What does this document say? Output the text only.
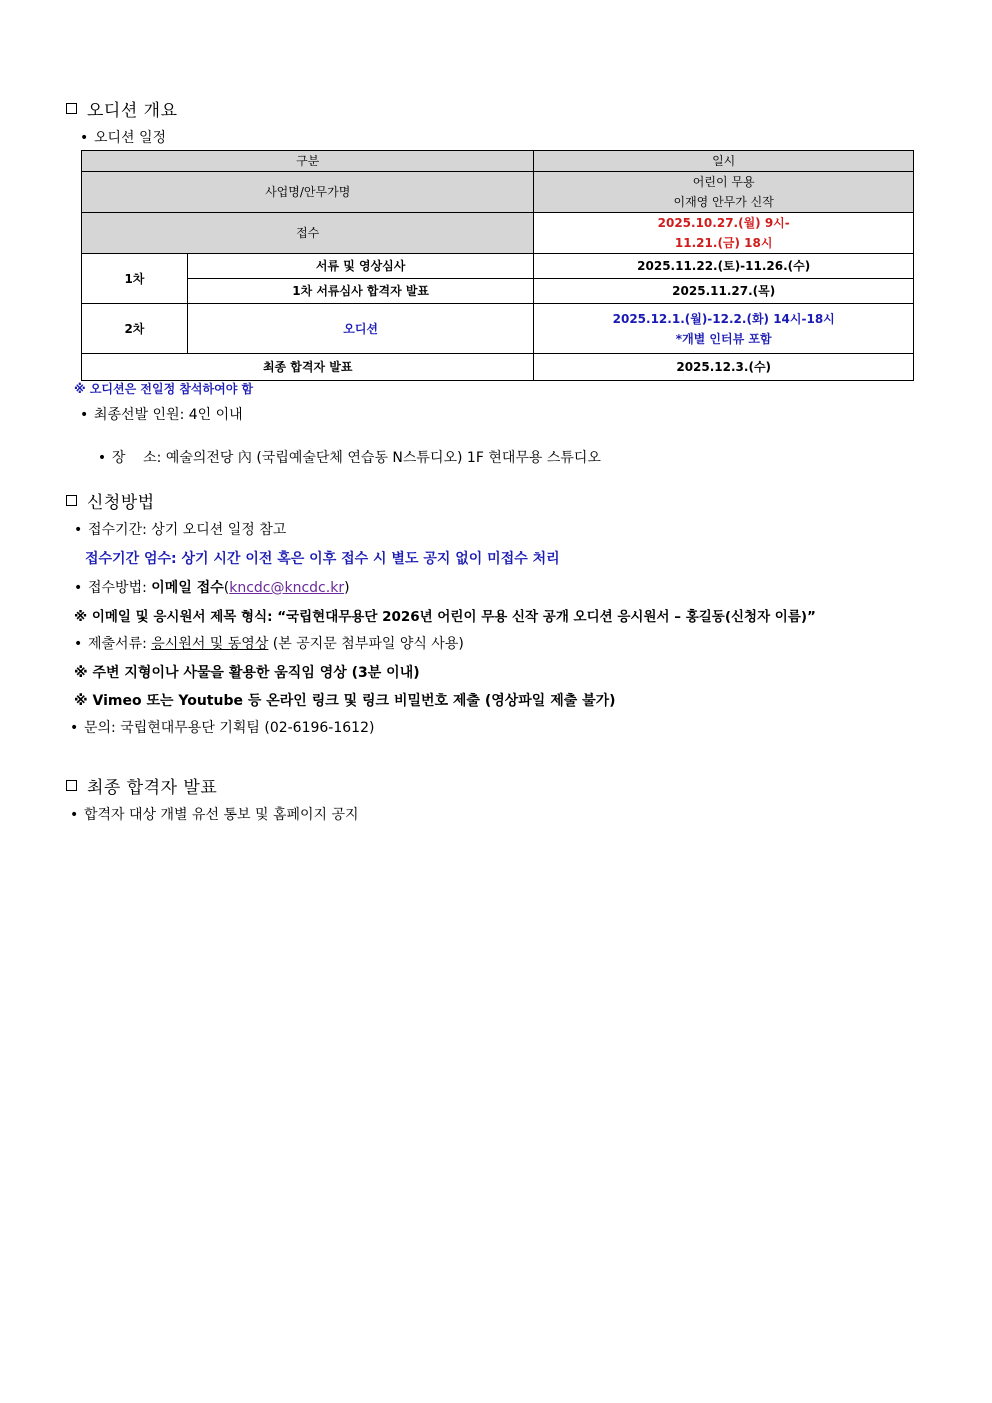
오디션 개요
• 오디션 일정
구분		일시
사업명/안무가명		어린이 무용
이재영 안무가 신작

접수		2025.10.27.(월) 9시-
11.21.(금) 18시

1차	서류 및 영상심사	2025.11.22.(토)-11.26.(수)
	1차 서류심사 합격자 발표	2025.11.27.(목)
2차	오디션	2025.12.1.(월)-12.2.(화) 14시-18시
*개별 인터뷰 포함

최종 합격자 발표		2025.12.3.(수)
※ 오디션은 전일정 참석하여야 함
• 최종선발 인원: 4인 이내

• 장    소: 예술의전당 內 (국립예술단체 연습동 N스튜디오) 1F 현대무용 스튜디오

신청방법
• 접수기간: 상기 오디션 일정 참고
접수기간 엄수: 상기 시간 이전 혹은 이후 접수 시 별도 공지 없이 미접수 처리
• 접수방법: 이메일 접수(kncdc@kncdc.kr)
※ 이메일 및 응시원서 제목 형식: “국립현대무용단 2026년 어린이 무용 신작 공개 오디션 응시원서 – 홍길동(신청자 이름)”
• 제출서류: 응시원서 및 동영상 (본 공지문 첨부파일 양식 사용)
※ 주변 지형이나 사물을 활용한 움직임 영상 (3분 이내)
※ Vimeo 또는 Youtube 등 온라인 링크 및 링크 비밀번호 제출 (영상파일 제출 불가)
• 문의: 국립현대무용단 기획팀 (02-6196-1612)
최종 합격자 발표
• 합격자 대상 개별 유선 통보 및 홈페이지 공지
